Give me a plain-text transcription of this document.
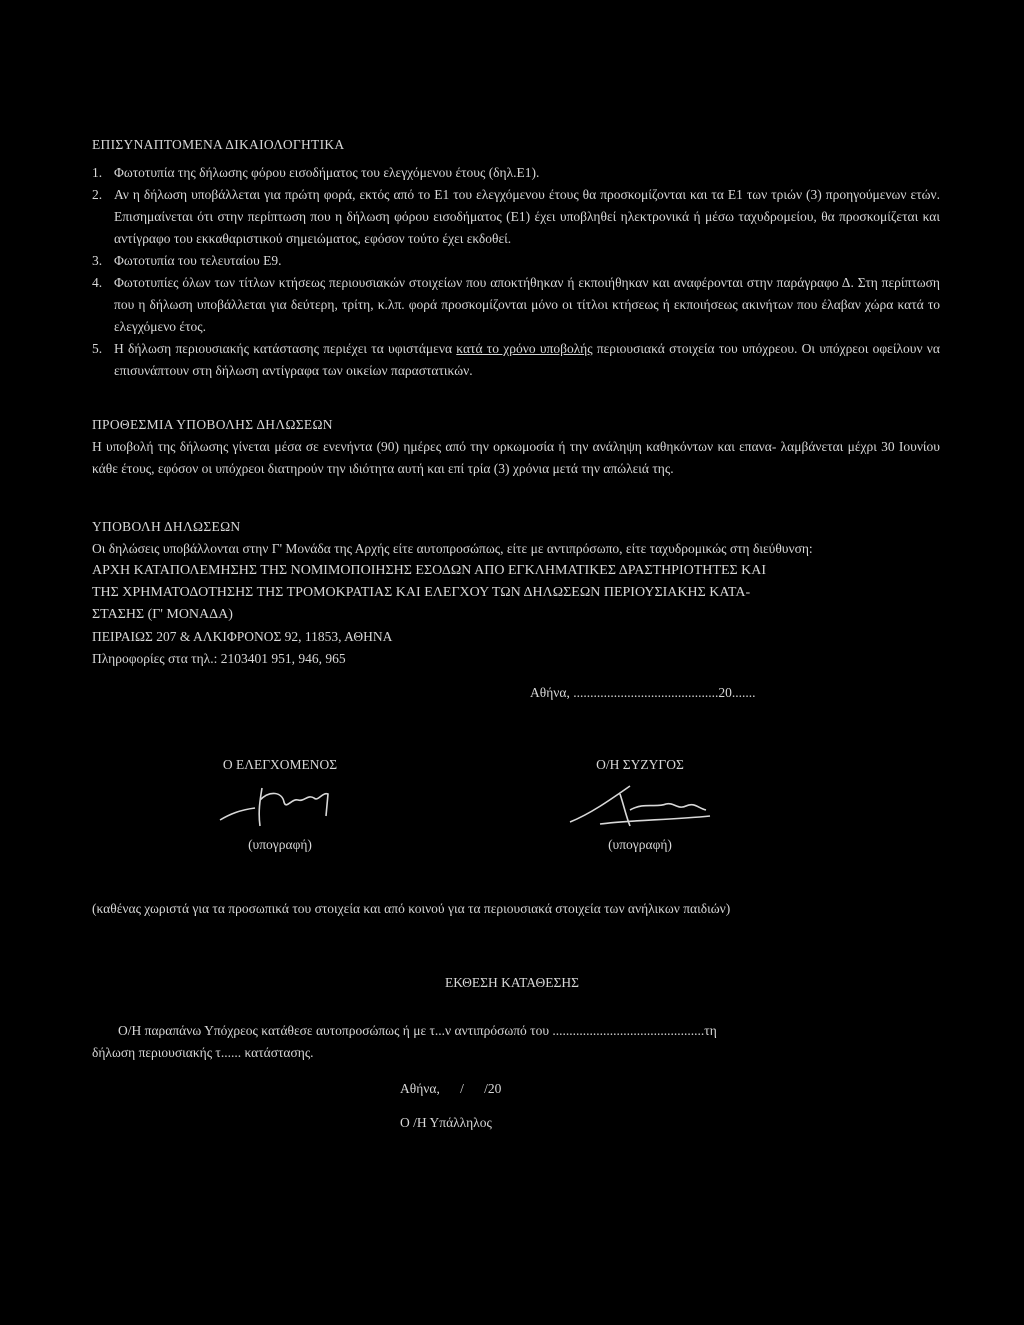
ΕΠΙΣΥΝΑΠΤΟΜΕΝΑ ΔΙΚΑΙΟΛΟΓΗΤΙΚΑ
1. Φωτοτυπία της δήλωσης φόρου εισοδήματος του ελεγχόμενου έτους (δηλ.Ε1).
2. Αν η δήλωση υποβάλλεται για πρώτη φορά, εκτός από το Ε1 του ελεγχόμενου έτους θα προσκομίζονται και τα Ε1 των τριών (3) προηγούμενων ετών. Επισημαίνεται ότι στην περίπτωση που η δήλωση φόρου εισοδήματος (Ε1) έχει υποβληθεί ηλεκτρονικά ή μέσω ταχυδρομείου, θα προσκομίζεται και αντίγραφο του εκκαθαριστικού σημειώματος, εφόσον τούτο έχει εκδοθεί.
3. Φωτοτυπία του τελευταίου Ε9.
4. Φωτοτυπίες όλων των τίτλων κτήσεως περιουσιακών στοιχείων που αποκτήθηκαν ή εκποιήθηκαν και αναφέρονται στην παράγραφο Δ. Στη περίπτωση που η δήλωση υποβάλλεται για δεύτερη, τρίτη, κ.λπ. φορά προσκομίζονται μόνο οι τίτλοι κτήσεως ή εκποιήσεως ακινήτων που έλαβαν χώρα κατά το ελεγχόμενο έτος.
5. Η δήλωση περιουσιακής κατάστασης περιέχει τα υφιστάμενα κατά το χρόνο υποβολής περιουσιακά στοιχεία του υπόχρεου. Οι υπόχρεοι οφείλουν να επισυνάπτουν στη δήλωση αντίγραφα των οικείων παραστατικών.
ΠΡΟΘΕΣΜΙΑ ΥΠΟΒΟΛΗΣ ΔΗΛΩΣΕΩΝ
Η υποβολή της δήλωσης γίνεται μέσα σε ενενήντα (90) ημέρες από την ορκωμοσία ή την ανάληψη καθηκόντων και επανα- λαμβάνεται μέχρι 30 Ιουνίου κάθε έτους, εφόσον οι υπόχρεοι διατηρούν την ιδιότητα αυτή και επί τρία (3) χρόνια μετά την απώλειά της.
ΥΠΟΒΟΛΗ ΔΗΛΩΣΕΩΝ
Οι δηλώσεις υποβάλλονται στην Γ' Μονάδα της Αρχής είτε αυτοπροσώπως, είτε με αντιπρόσωπο, είτε ταχυδρομικώς στη διεύθυνση:
ΑΡΧΗ ΚΑΤΑΠΟΛΕΜΗΣΗΣ ΤΗΣ ΝΟΜΙΜΟΠΟΙΗΣΗΣ ΕΣΟΔΩΝ ΑΠΟ ΕΓΚΛΗΜΑΤΙΚΕΣ ΔΡΑΣΤΗΡΙΟΤΗΤΕΣ ΚΑΙ
ΤΗΣ ΧΡΗΜΑΤΟΔΟΤΗΣΗΣ ΤΗΣ ΤΡΟΜΟΚΡΑΤΙΑΣ ΚΑΙ ΕΛΕΓΧΟΥ ΤΩΝ ΔΗΛΩΣΕΩΝ ΠΕΡΙΟΥΣΙΑΚΗΣ ΚΑΤΑ-
ΣΤΑΣΗΣ (Γ' ΜΟΝΑΔΑ)
ΠΕΙΡΑΙΩΣ 207 & ΑΛΚΙΦΡΟΝΟΣ 92, 11853, ΑΘΗΝΑ
Πληροφορίες στα τηλ.: 2103401 951, 946, 965
Αθήνα, ...........................................20.......
Ο ΕΛΕΓΧΟΜΕΝΟΣ
(υπογραφή)
Ο/Η ΣΥΖΥΓΟΣ
(υπογραφή)
(καθένας χωριστά για τα προσωπικά του στοιχεία και από κοινού για τα περιουσιακά στοιχεία των ανήλικων παιδιών)
ΕΚΘΕΣΗ ΚΑΤΑΘΕΣΗΣ
Ο/Η παραπάνω Υπόχρεος κατάθεσε αυτοπροσώπως ή με τ...ν αντιπρόσωπό του .............................................τη
δήλωση περιουσιακής τ...... κατάστασης.
Αθήνα,      /      /20
Ο /Η Υπάλληλος
